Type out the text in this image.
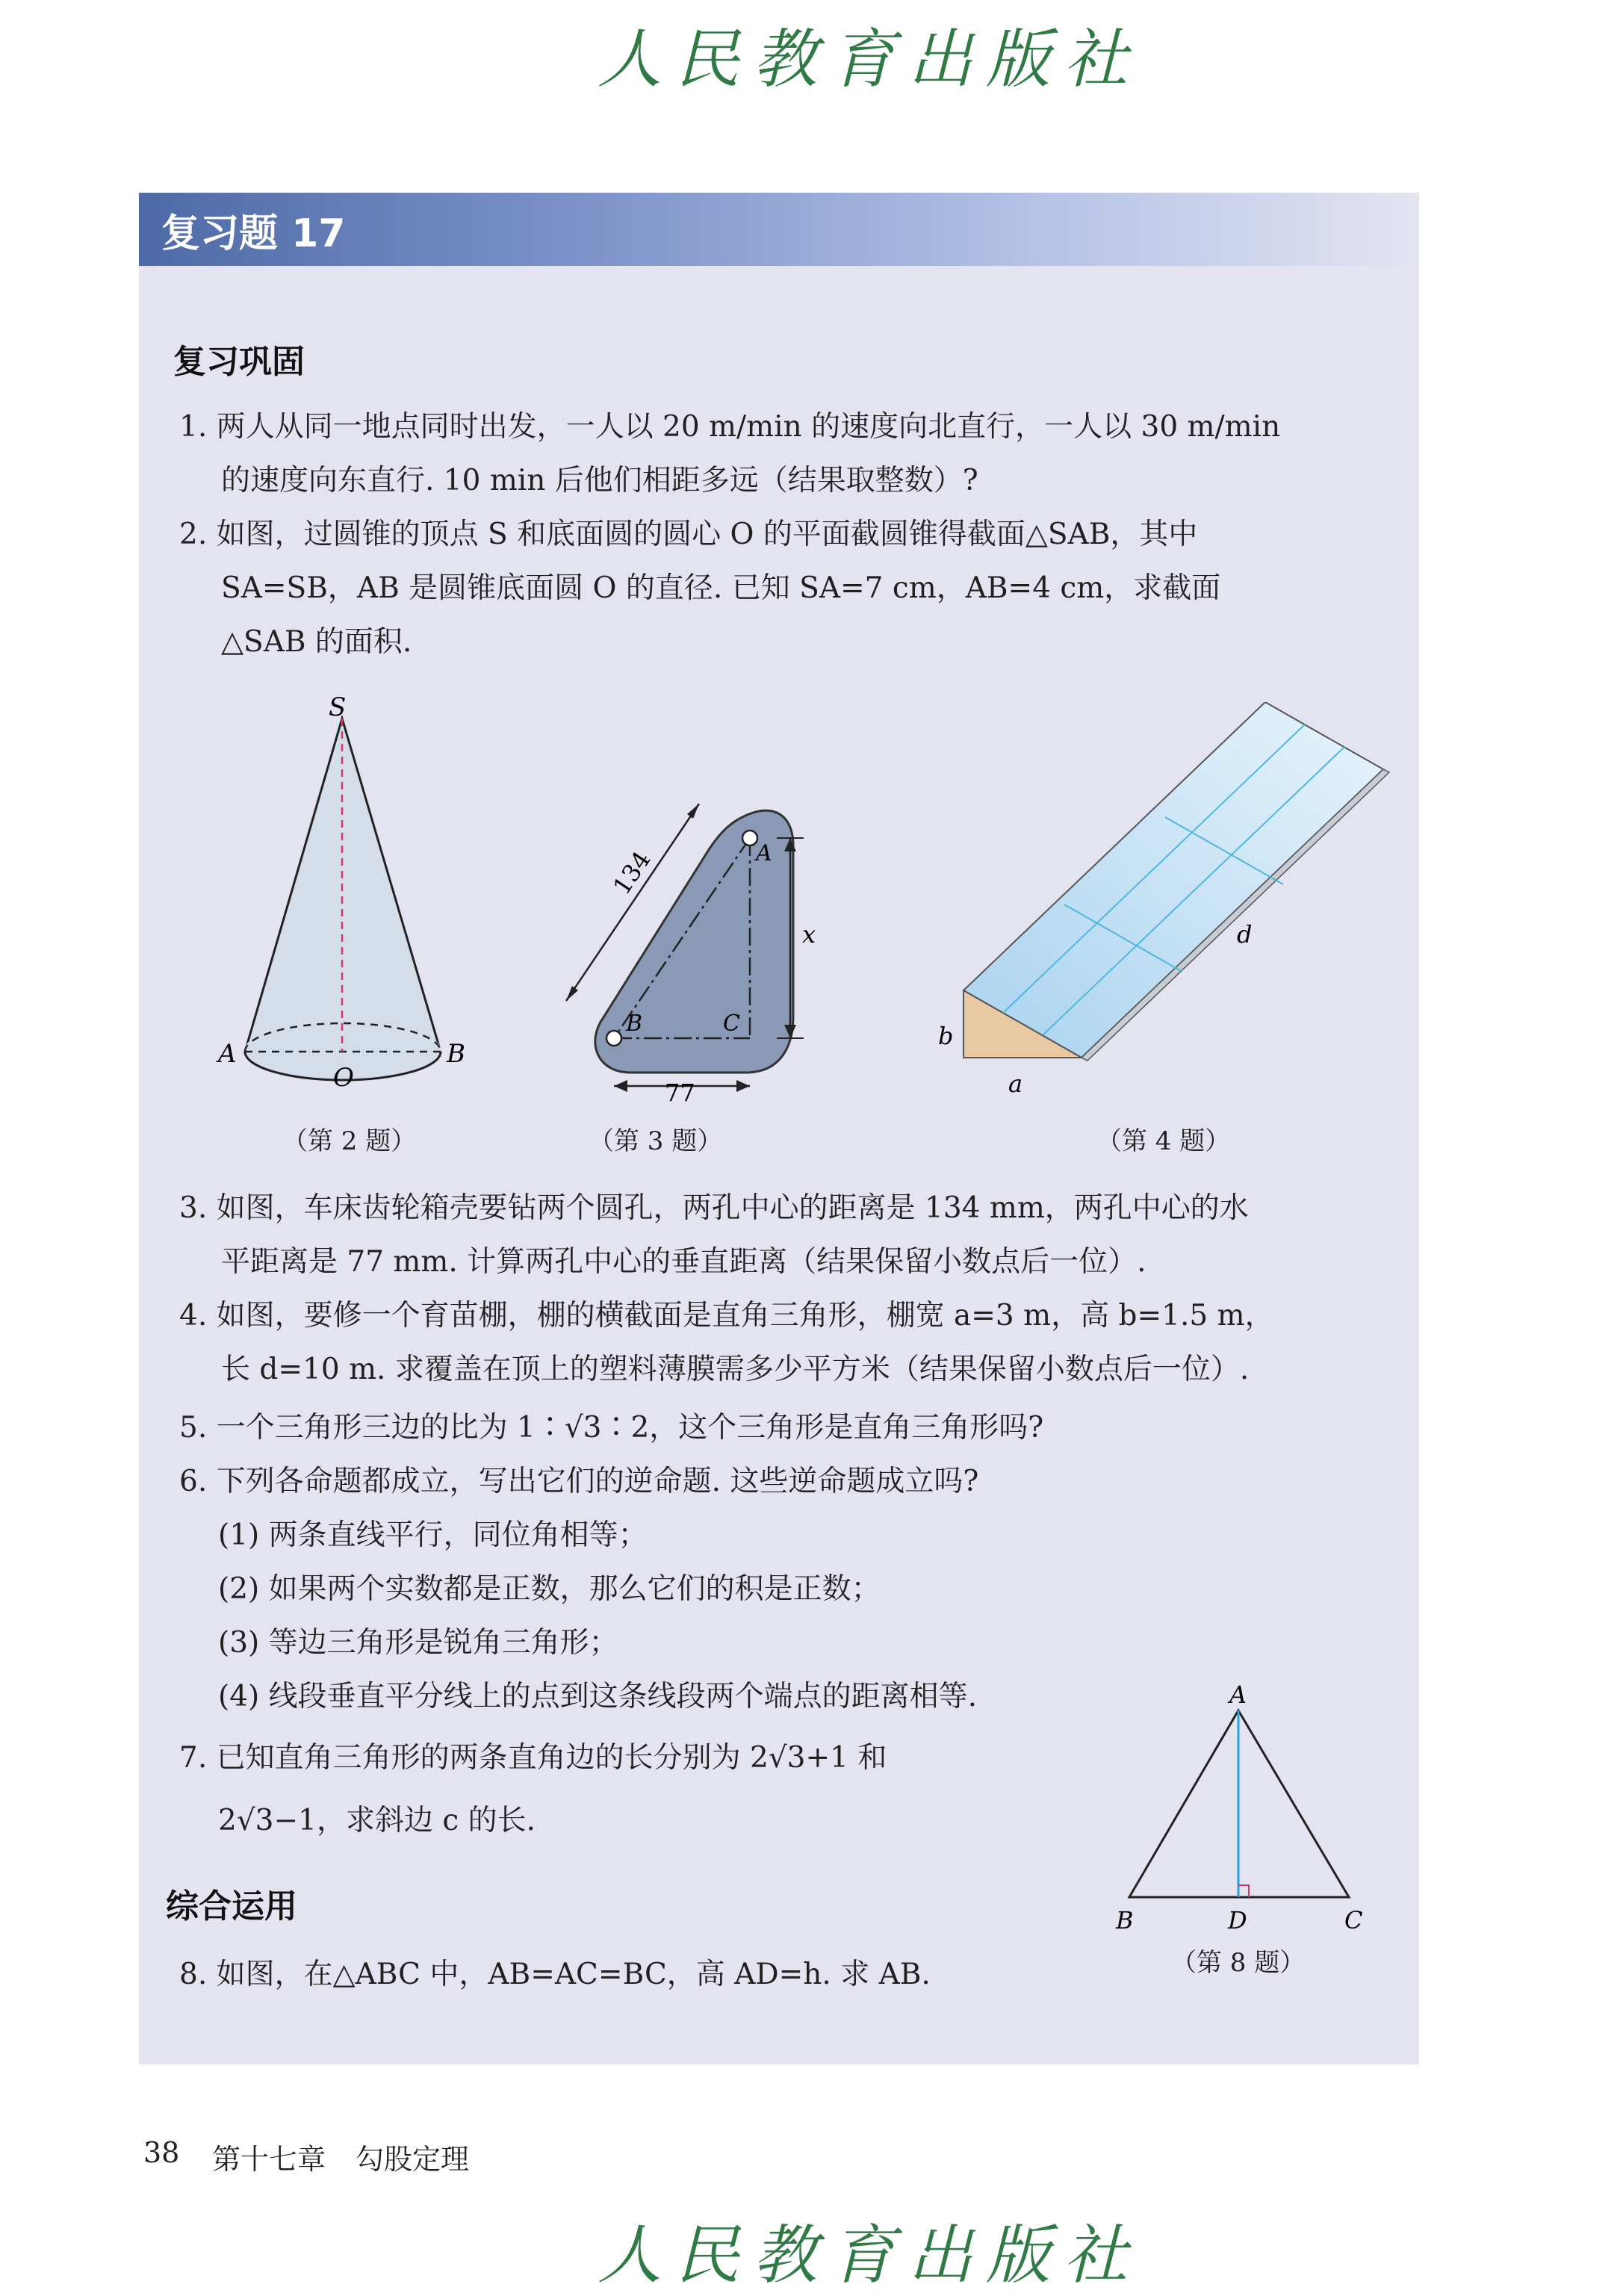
人民教育出版社
复习题 17
复习巩固
1. 两人从同一地点同时出发，一人以 20 m/min 的速度向北直行，一人以 30 m/min
的速度向东直行. 10 min 后他们相距多远（结果取整数）?
2. 如图，过圆锥的顶点 S 和底面圆的圆心 O 的平面截圆锥得截面△SAB，其中
SA=SB，AB 是圆锥底面圆 O 的直径. 已知 SA=7 cm，AB=4 cm，求截面
△SAB 的面积.
S
A	B
O
（第 2 题）
A
B	C
134
77
x
（第 3 题）
b
a
d
（第 4 题）
3. 如图，车床齿轮箱壳要钻两个圆孔，两孔中心的距离是 134 mm，两孔中心的水
平距离是 77 mm. 计算两孔中心的垂直距离（结果保留小数点后一位）.
4. 如图，要修一个育苗棚，棚的横截面是直角三角形，棚宽 a=3 m，高 b=1.5 m，
长 d=10 m. 求覆盖在顶上的塑料薄膜需多少平方米（结果保留小数点后一位）.
5. 一个三角形三边的比为 1∶√3∶2，这个三角形是直角三角形吗?
6. 下列各命题都成立，写出它们的逆命题. 这些逆命题成立吗?
(1) 两条直线平行，同位角相等；
(2) 如果两个实数都是正数，那么它们的积是正数；
(3) 等边三角形是锐角三角形；
(4) 线段垂直平分线上的点到这条线段两个端点的距离相等.
7. 已知直角三角形的两条直角边的长分别为 2√3+1 和
2√3−1，求斜边 c 的长.
A
B	D	C
（第 8 题）
综合运用
8. 如图，在△ABC 中，AB=AC=BC，高 AD=h. 求 AB.
38 第十七章 勾股定理
人民教育出版社
